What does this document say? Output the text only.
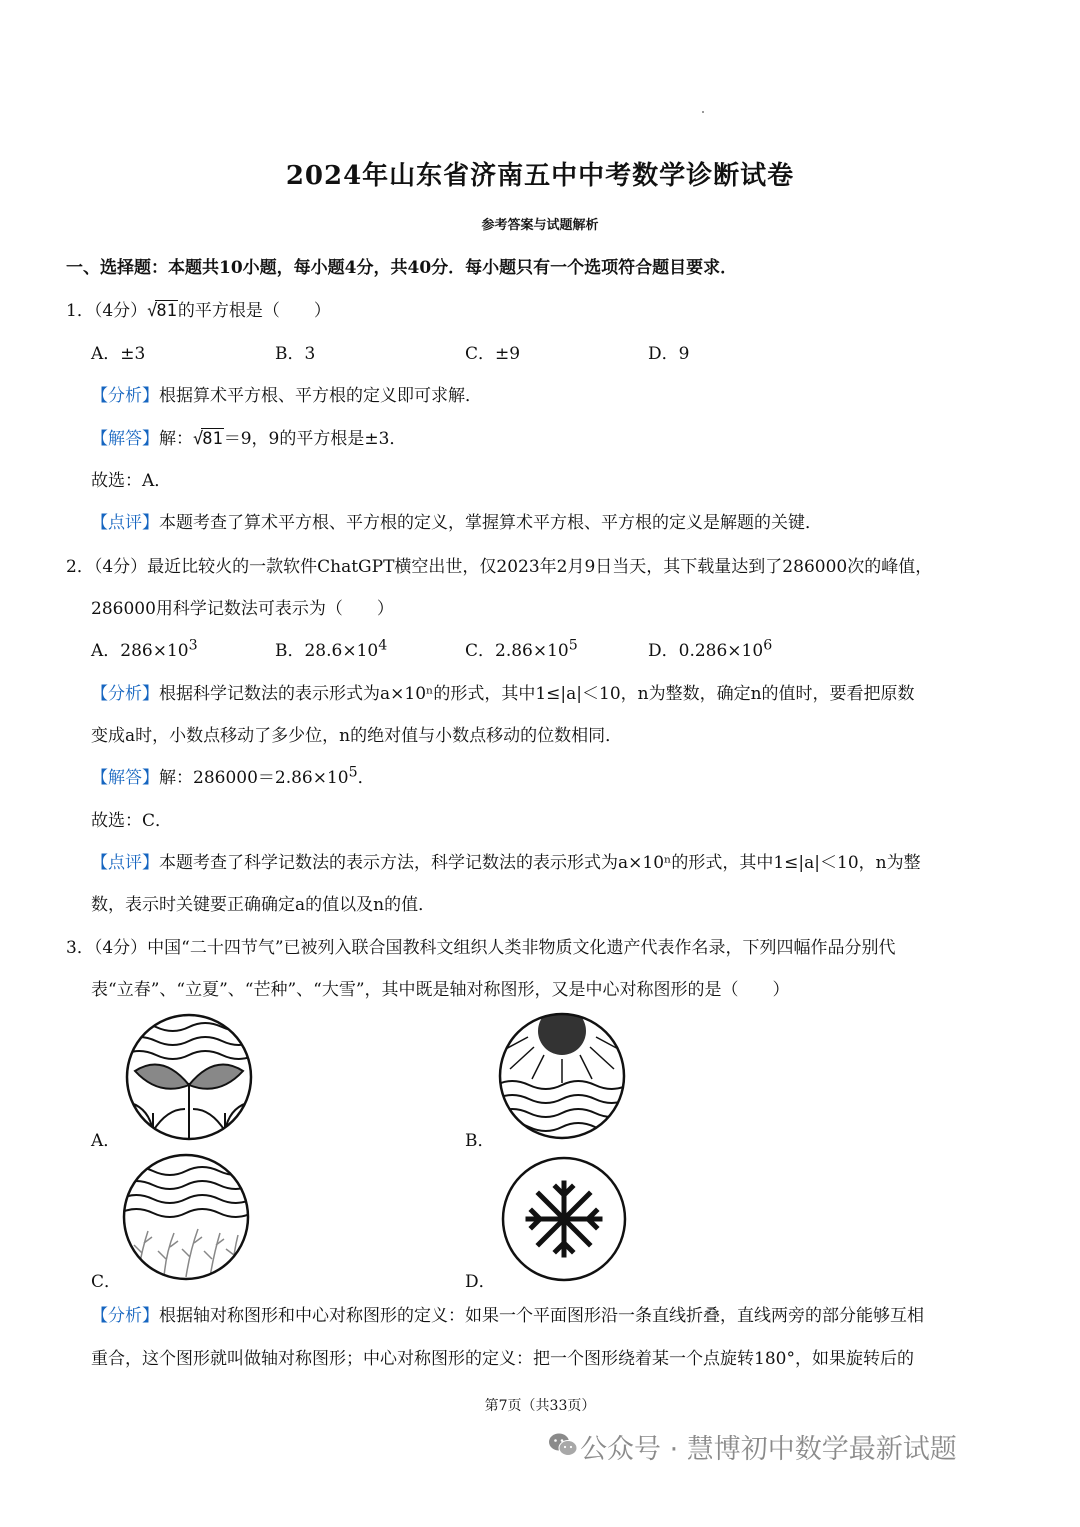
2024年山东省济南五中中考数学诊断试卷
参考答案与试题解析
一、选择题：本题共10小题，每小题4分，共40分．每小题只有一个选项符合题目要求．
1．（4分）√81的平方根是（　　）
A．±3	B．3	C．±9	D．9
【分析】根据算术平方根、平方根的定义即可求解．
【解答】解：√81＝9，9的平方根是±3．
故选：A．
【点评】本题考查了算术平方根、平方根的定义，掌握算术平方根、平方根的定义是解题的关键．
2．（4分）最近比较火的一款软件ChatGPT横空出世，仅2023年2月9日当天，其下载量达到了286000次的峰值，
286000用科学记数法可表示为（　　）
A．$286\times 10^3$	B．$28.6\times 10^4$	C．$2.86\times 10^5$	D．$0.286\times 10^6$
【分析】根据科学记数法的表示形式为a×10ⁿ的形式，其中1≤|a|＜10，n为整数，确定n的值时，要看把原数
变成a时，小数点移动了多少位，n的绝对值与小数点移动的位数相同．
【解答】解：$286000=2.86\times 10^5$．
故选：C．
【点评】本题考查了科学记数法的表示方法，科学记数法的表示形式为a×10ⁿ的形式，其中1≤|a|＜10，n为整
数，表示时关键要正确确定a的值以及n的值．
3．（4分）中国“二十四节气”已被列入联合国教科文组织人类非物质文化遗产代表作名录，下列四幅作品分别代
表“立春”、“立夏”、“芒种”、“大雪”，其中既是轴对称图形，又是中心对称图形的是（　　）
A．	B．
C．	D．
【分析】根据轴对称图形和中心对称图形的定义：如果一个平面图形沿一条直线折叠，直线两旁的部分能够互相
重合，这个图形就叫做轴对称图形；中心对称图形的定义：把一个图形绕着某一个点旋转180°，如果旋转后的
第7页（共33页）
公众号 · 慧博初中数学最新试题
